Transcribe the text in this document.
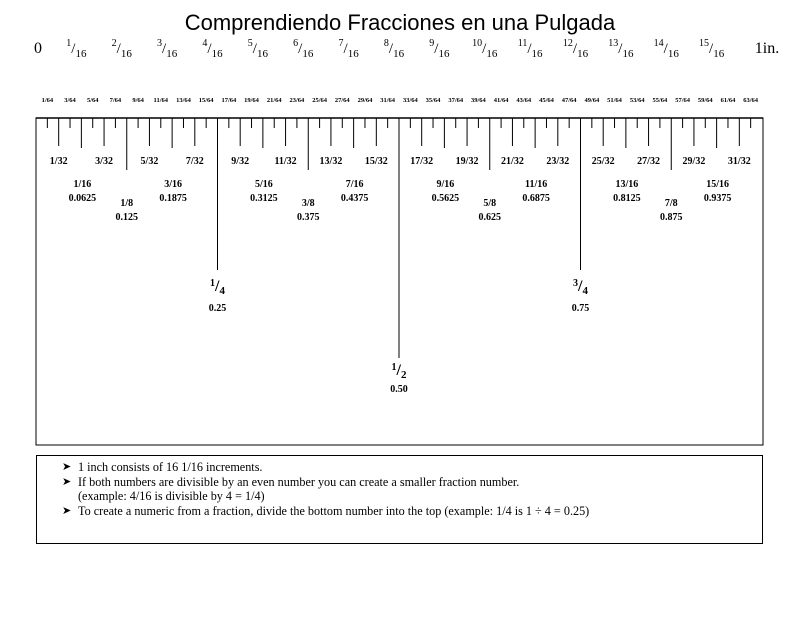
Comprendiendo Fracciones en una Pulgada
0 $^1/_{16}$
$^2/_{16}$
$^3/_{16}$
$^4/_{16}$
$^5/_{16}$
$^6/_{16}$
$^7/_{16}$
$^8/_{16}$
$^9/_{16}$
$^{10}/_{16}$
$^{11}/_{16}$
$^{12}/_{16}$
$^{13}/_{16}$
$^{14}/_{16}$
$^{15}/_{16}$ 1in.
1/64 3/64 5/64 7/64 9/64 11/64 13/64 15/64 17/64 19/64 21/64 23/64 25/64 27/64 29/64 31/64 33/64 35/64 37/64 39/64 41/64 43/64 45/64 47/64 49/64 51/64 53/64 55/64 57/64 59/64 61/64 63/64
1/32	3/32	5/32	7/32	9/32	11/32 13/32 15/32 17/32 19/32 21/32 23/32 25/32 27/32 29/32 31/32
1/16
0.0625
3/16
0.1875
5/16
0.3125
7/16
0.4375
9/16
0.5625
11/16
0.6875
13/16
0.8125
15/16
0.9375
1/8
0.125
3/8
0.375
5/8
0.625
7/8
0.875
$^1$/4
0.25
$^3$/4
0.75
$^1$/2
0.50
➤ 1 inch consists of 16 1/16 increments.
➤ If both numbers are divisible by an even number you can create a smaller fraction number.
(example: 4/16 is divisible by 4 = 1/4)
➤ To create a numeric from a fraction, divide the bottom number into the top (example: 1/4 is 1 ÷ 4 = 0.25)
